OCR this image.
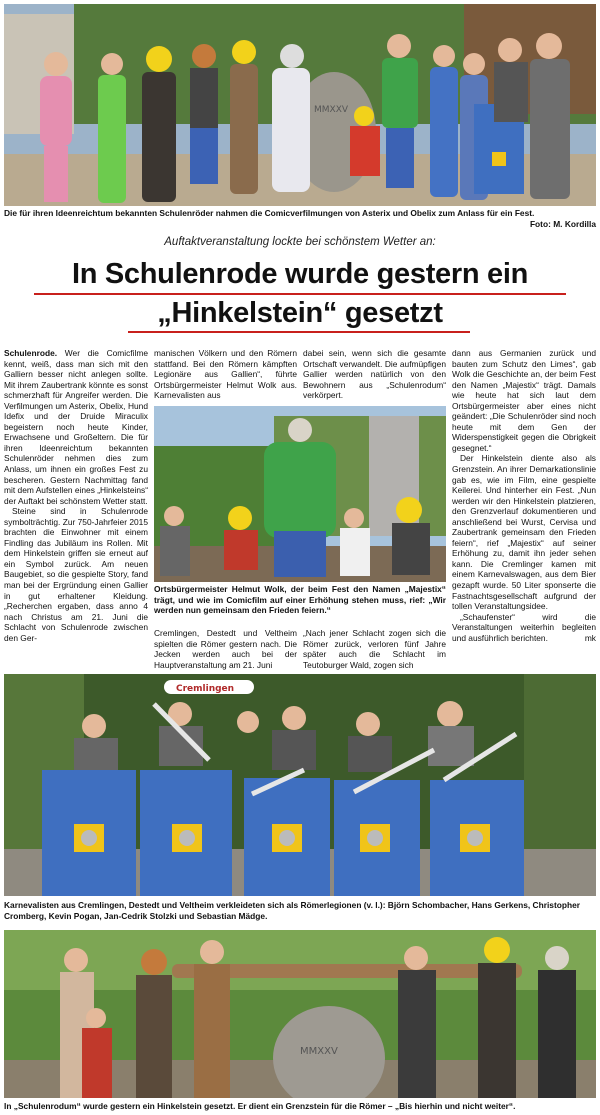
MMXXV
Die für ihren Ideenreichtum bekannten Schulenröder nahmen die Comicverfilmungen von Asterix und Obelix zum Anlass für ein Fest.
Foto: M. Kordilla
Auftaktveranstaltung lockte bei schönstem Wetter an:
In Schulenrode wurde gestern ein
„Hinkelstein“ gesetzt

Schulenrode. Wer die Comicfilme kennt, weiß, dass man sich mit den Galliern besser nicht anlegen sollte. Mit ihrem Zaubertrank könnte es sonst schmerzhaft für Angreifer werden. Die Verfilmungen um Asterix, Obelix, Hund Idefix und der Druide Miraculix begeistern noch heute Kinder, Erwachsene und Großeltern. Die für ihren Ideenreichtum bekannten Schulenröder nehmen dies zum Anlass, um ihnen ein großes Fest zu bescheren. Gestern Nachmittag fand mit dem Aufstellen eines „Hinkelsteins“ der Auftakt bei schönstem Wetter statt.

Steine sind in Schulenrode symbolträchtig. Zur 750-Jahrfeier 2015 brachten die Einwohner mit einem Findling das Jubiläum ins Rollen. Mit dem Hinkelstein griffen sie erneut auf ein Symbol zurück. Am neuen Baugebiet, so die gespielte Story, fand man bei der Ergründung einen Gallier in gut erhaltener Kleidung. „Recherchen ergaben, dass anno 4 nach Christus am 21. Juni die Schlacht von Schulenrode zwischen den Ger-

manischen Völkern und den Römern stattfand. Bei den Römern kämpften Legionäre aus Gallien“, führte Ortsbürgermeister Helmut Wolk aus. Karnevalisten aus
dabei sein, wenn sich die gesamte Ortschaft verwandelt. Die aufmüpfigen Gallier werden natürlich von den Bewohnern aus „Schulenrodum“ verkörpert.
Ortsbürgermeister Helmut Wolk, der beim Fest den Namen „Majestix“ trägt, und wie im Comicfilm auf einer Erhöhung stehen muss, rief: „Wir werden nun gemeinsam den Frieden feiern.“
Cremlingen, Destedt und Veltheim spielten die Römer gestern nach. Die Jecken werden auch bei der Hauptveranstaltung am 21. Juni
„Nach jener Schlacht zogen sich die Römer zurück, verloren fünf Jahre später auch die Schlacht im Teutoburger Wald, zogen sich

dann aus Germanien zurück und bauten zum Schutz den Limes“, gab Wolk die Geschichte an, der beim Fest den Namen „Majestix“ trägt. Damals wie heute hat sich laut dem Ortsbürgermeister aber eines nicht geändert: „Die Schulenröder sind noch heute mit dem Gen der Widerspenstigkeit gegen die Obrigkeit gesegnet.“

Der Hinkelstein diente also als Grenzstein. An ihrer Demarkationslinie gab es, wie im Film, eine gespielte Keilerei. Und hinterher ein Fest. „Nun werden wir den Hinkelstein platzieren, den Grenzverlauf dokumentieren und anschließend bei Wurst, Cervisa und Zaubertrank gemeinsam den Frieden feiern“, rief „Majestix“ auf seiner Erhöhung zu, damit ihn jeder sehen kann. Die Cremlinger kamen mit einem Karnevalswagen, aus dem Bier gezapft wurde. 50 Liter sponserte die Fastnachtsgesellschaft aufgrund der tollen Veranstaltungsidee.

„Schaufenster“ wird die Veranstaltungen weiterhin begleiten und ausführlich berichten.	mk

Cremlingen
Karnevalisten aus Cremlingen, Destedt und Veltheim verkleideten sich als Römerlegionen (v. l.): Björn Schombacher, Hans Gerkens, Christopher Cromberg, Kevin Pogan, Jan-Cedrik Stolzki und Sebastian Mädge.
MMXXV
In „Schulenrodum“ wurde gestern ein Hinkelstein gesetzt. Er dient ein Grenzstein für die Römer – „Bis hierhin und nicht weiter“.
